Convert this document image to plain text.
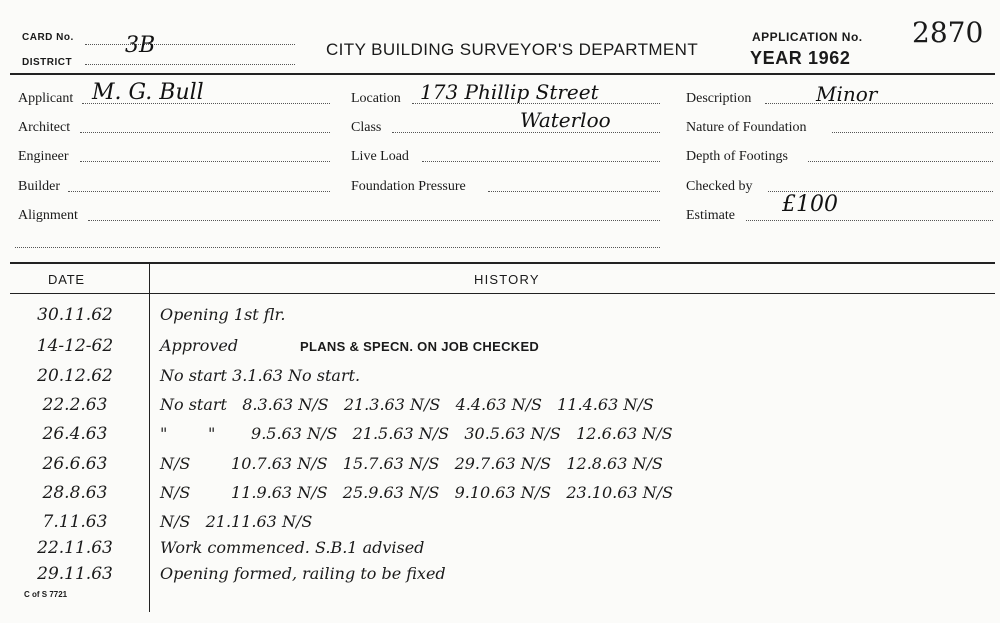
CARD No.
DISTRICT
3B	CITY BUILDING SURVEYOR'S DEPARTMENT
APPLICATION No.
YEAR 1962
2870
Applicant M. G. Bull
Architect
Engineer
Builder
Alignment
Location 173 Phillip Street
Class	Waterloo
Live Load
Foundation Pressure
Description	Minor
Nature of Foundation
Depth of Footings
Checked by
Estimate £100
DATE	HISTORY
30.11.62	Opening 1st flr.
14-12-62	Approved	PLANS & SPECN. ON JOB CHECKED
20.12.62	No start 3.1.63 No start.
22.2.63	No start   8.3.63 N/S   21.3.63 N/S   4.4.63 N/S   11.4.63 N/S
26.4.63	"        "       9.5.63 N/S   21.5.63 N/S   30.5.63 N/S   12.6.63 N/S
26.6.63	N/S        10.7.63 N/S   15.7.63 N/S   29.7.63 N/S   12.8.63 N/S
28.8.63	N/S        11.9.63 N/S   25.9.63 N/S   9.10.63 N/S   23.10.63 N/S
7.11.63	N/S   21.11.63 N/S
22.11.63	Work commenced. S.B.1 advised
29.11.63	Opening formed, railing to be fixed
C of S 7721
